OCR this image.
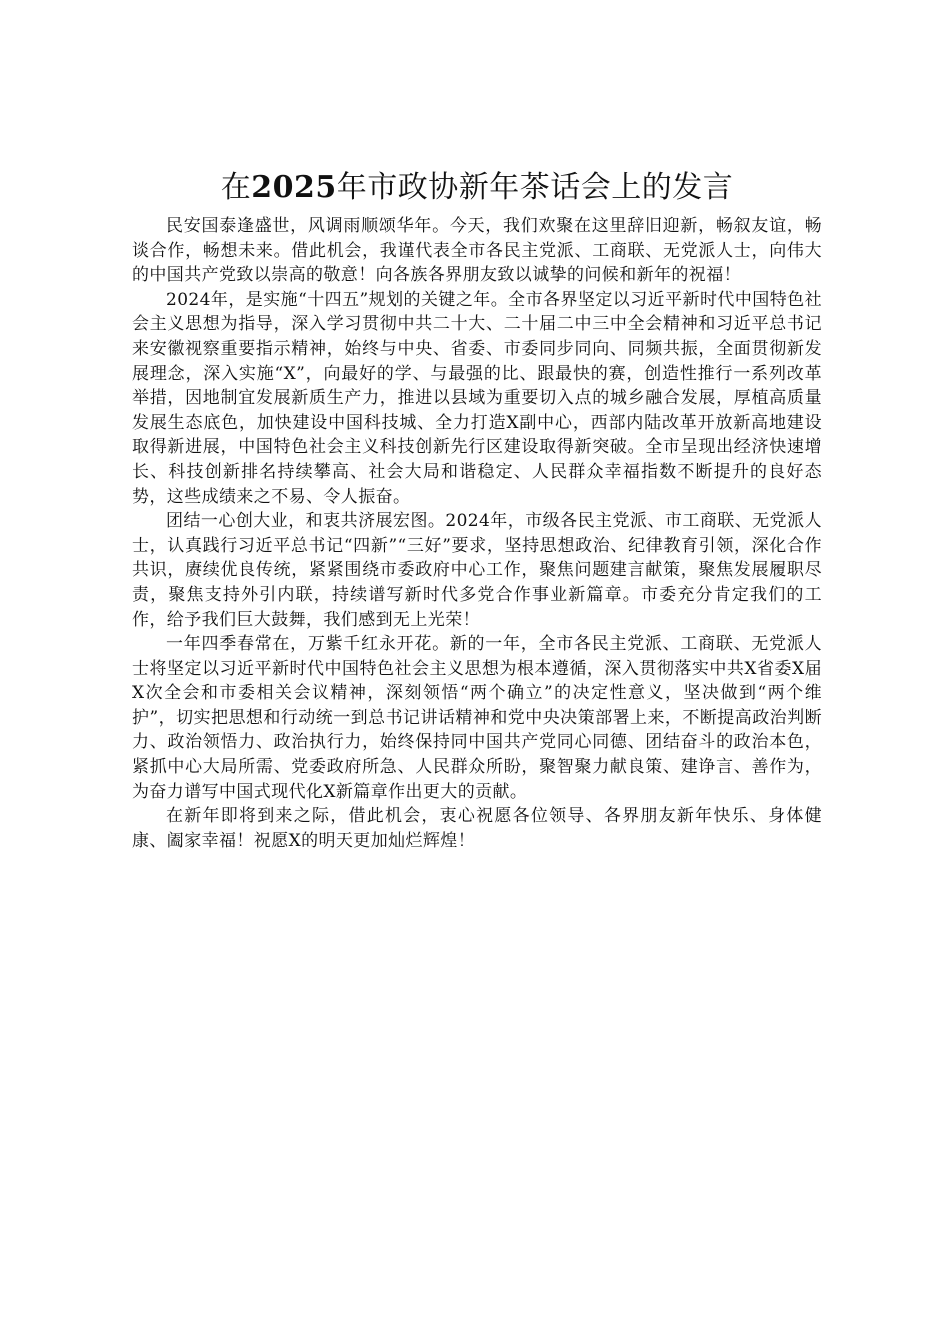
在2025年市政协新年茶话会上的发言

民安国泰逢盛世，风调雨顺颂华年。今天，我们欢聚在这里辞旧迎新，畅叙友谊，畅谈合作，畅想未来。借此机会，我谨代表全市各民主党派、工商联、无党派人士，向伟大的中国共产党致以崇高的敬意！向各族各界朋友致以诚挚的问候和新年的祝福！

2024年，是实施“十四五”规划的关键之年。全市各界坚定以习近平新时代中国特色社会主义思想为指导，深入学习贯彻中共二十大、二十届二中三中全会精神和习近平总书记来安徽视察重要指示精神，始终与中央、省委、市委同步同向、同频共振，全面贯彻新发展理念，深入实施“X”，向最好的学、与最强的比、跟最快的赛，创造性推行一系列改革举措，因地制宜发展新质生产力，推进以县域为重要切入点的城乡融合发展，厚植高质量发展生态底色，加快建设中国科技城、全力打造X副中心，西部内陆改革开放新高地建设取得新进展，中国特色社会主义科技创新先行区建设取得新突破。全市呈现出经济快速增长、科技创新排名持续攀高、社会大局和谐稳定、人民群众幸福指数不断提升的良好态势，这些成绩来之不易、令人振奋。

团结一心创大业，和衷共济展宏图。2024年，市级各民主党派、市工商联、无党派人士，认真践行习近平总书记“四新”“三好”要求，坚持思想政治、纪律教育引领，深化合作共识，赓续优良传统，紧紧围绕市委政府中心工作，聚焦问题建言献策，聚焦发展履职尽责，聚焦支持外引内联，持续谱写新时代多党合作事业新篇章。市委充分肯定我们的工作，给予我们巨大鼓舞，我们感到无上光荣！

一年四季春常在，万紫千红永开花。新的一年，全市各民主党派、工商联、无党派人士将坚定以习近平新时代中国特色社会主义思想为根本遵循，深入贯彻落实中共X省委X届X次全会和市委相关会议精神，深刻领悟“两个确立”的决定性意义，坚决做到“两个维护”，切实把思想和行动统一到总书记讲话精神和党中央决策部署上来，不断提高政治判断力、政治领悟力、政治执行力，始终保持同中国共产党同心同德、团结奋斗的政治本色，紧抓中心大局所需、党委政府所急、人民群众所盼，聚智聚力献良策、建诤言、善作为，为奋力谱写中国式现代化X新篇章作出更大的贡献。

在新年即将到来之际，借此机会，衷心祝愿各位领导、各界朋友新年快乐、身体健康、阖家幸福！祝愿X的明天更加灿烂辉煌！
